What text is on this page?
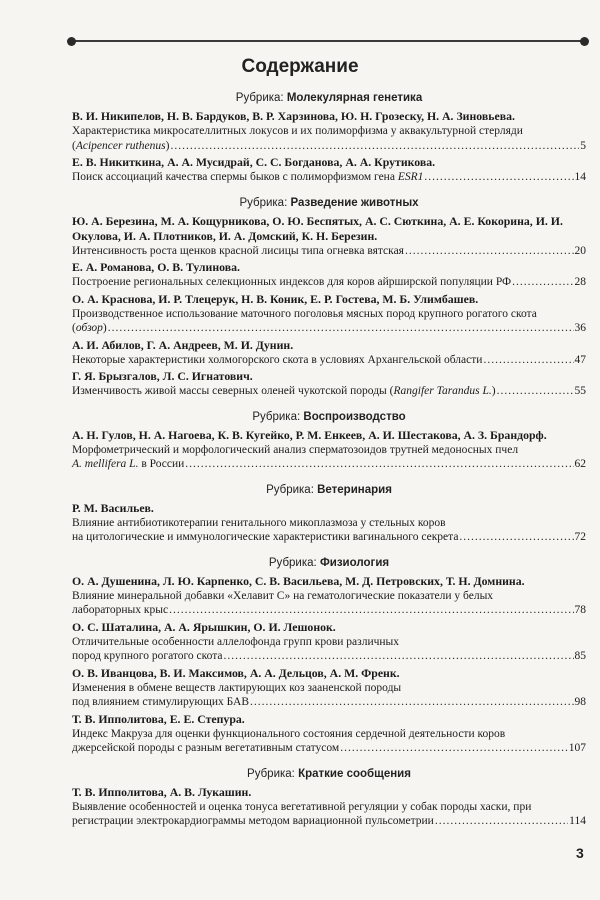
Содержание
Рубрика: Молекулярная генетика
В. И. Никипелов, Н. В. Бардуков, В. Р. Харзинова, Ю. Н. Грозеску, Н. А. Зиновьева.
Характеристика микросателлитных локусов и их полиморфизма у аквакультурной стерляди
(Acipencer ruthenus) .....	5
Е. В. Никиткина, А. А. Мусидрай, С. С. Богданова, А. А. Крутикова.
Поиск ассоциаций качества спермы быков с полиморфизмом гена ESR1 .....	14
Рубрика: Разведение животных
Ю. А. Березина, М. А. Кощурникова, О. Ю. Беспятых, А. С. Сюткина, А. Е. Кокорина, И. И. Окулова, И. А. Плотников, И. А. Домский, К. Н. Березин.
Интенсивность роста щенков красной лисицы типа огневка вятская .....	20
Е. А. Романова, О. В. Тулинова.
Построение региональных селекционных индексов для коров айрширской популяции РФ .....	28
О. А. Краснова, И. Р. Тлецерук, Н. В. Коник, Е. Р. Гостева, М. Б. Улимбашев.
Производственное использование маточного поголовья мясных пород крупного рогатого скота
(обзор) .....	36
А. И. Абилов, Г. А. Андреев, М. И. Дунин.
Некоторые характеристики холмогорского скота в условиях Архангельской области .....	47
Г. Я. Брызгалов, Л. С. Игнатович.
Изменчивость живой массы северных оленей чукотской породы (Rangifer Tarandus L.) .....	55
Рубрика: Воспроизводство
А. Н. Гулов, Н. А. Нагоева, К. В. Кугейко, Р. М. Енкеев, А. И. Шестакова, А. З. Брандорф.
Морфометрический и морфологический анализ сперматозоидов трутней медоносных пчел
A. mellifera L. в России .....	62
Рубрика: Ветеринария
Р. М. Васильев.
Влияние антибиотикотерапии генитального микоплазмоза у стельных коров
на цитологические и иммунологические характеристики вагинального секрета .....	72
Рубрика: Физиология
О. А. Душенина, Л. Ю. Карпенко, С. В. Васильева, М. Д. Петровских, Т. Н. Домнина.
Влияние минеральной добавки «Хелавит С» на гематологические показатели у белых
лабораторных крыс .....	78
О. С. Шаталина, А. А. Ярышкин, О. И. Лешонок.
Отличительные особенности аллелофонда групп крови различных
пород крупного рогатого скота .....	85
О. В. Иванцова, В. И. Максимов, А. А. Дельцов, А. М. Френк.
Изменения в обмене веществ лактирующих коз зааненской породы
под влиянием стимулирующих БАВ .....	98
Т. В. Ипполитова, Е. Е. Степура.
Индекс Макруза для оценки функционального состояния сердечной деятельности коров
джерсейской породы с разным вегетативным статусом .....	107
Рубрика: Краткие сообщения
Т. В. Ипполитова, А. В. Лукашин.
Выявление особенностей и оценка тонуса вегетативной регуляции у собак породы хаски, при
регистрации электрокардиограммы методом вариационной пульсометрии .....	114
3
